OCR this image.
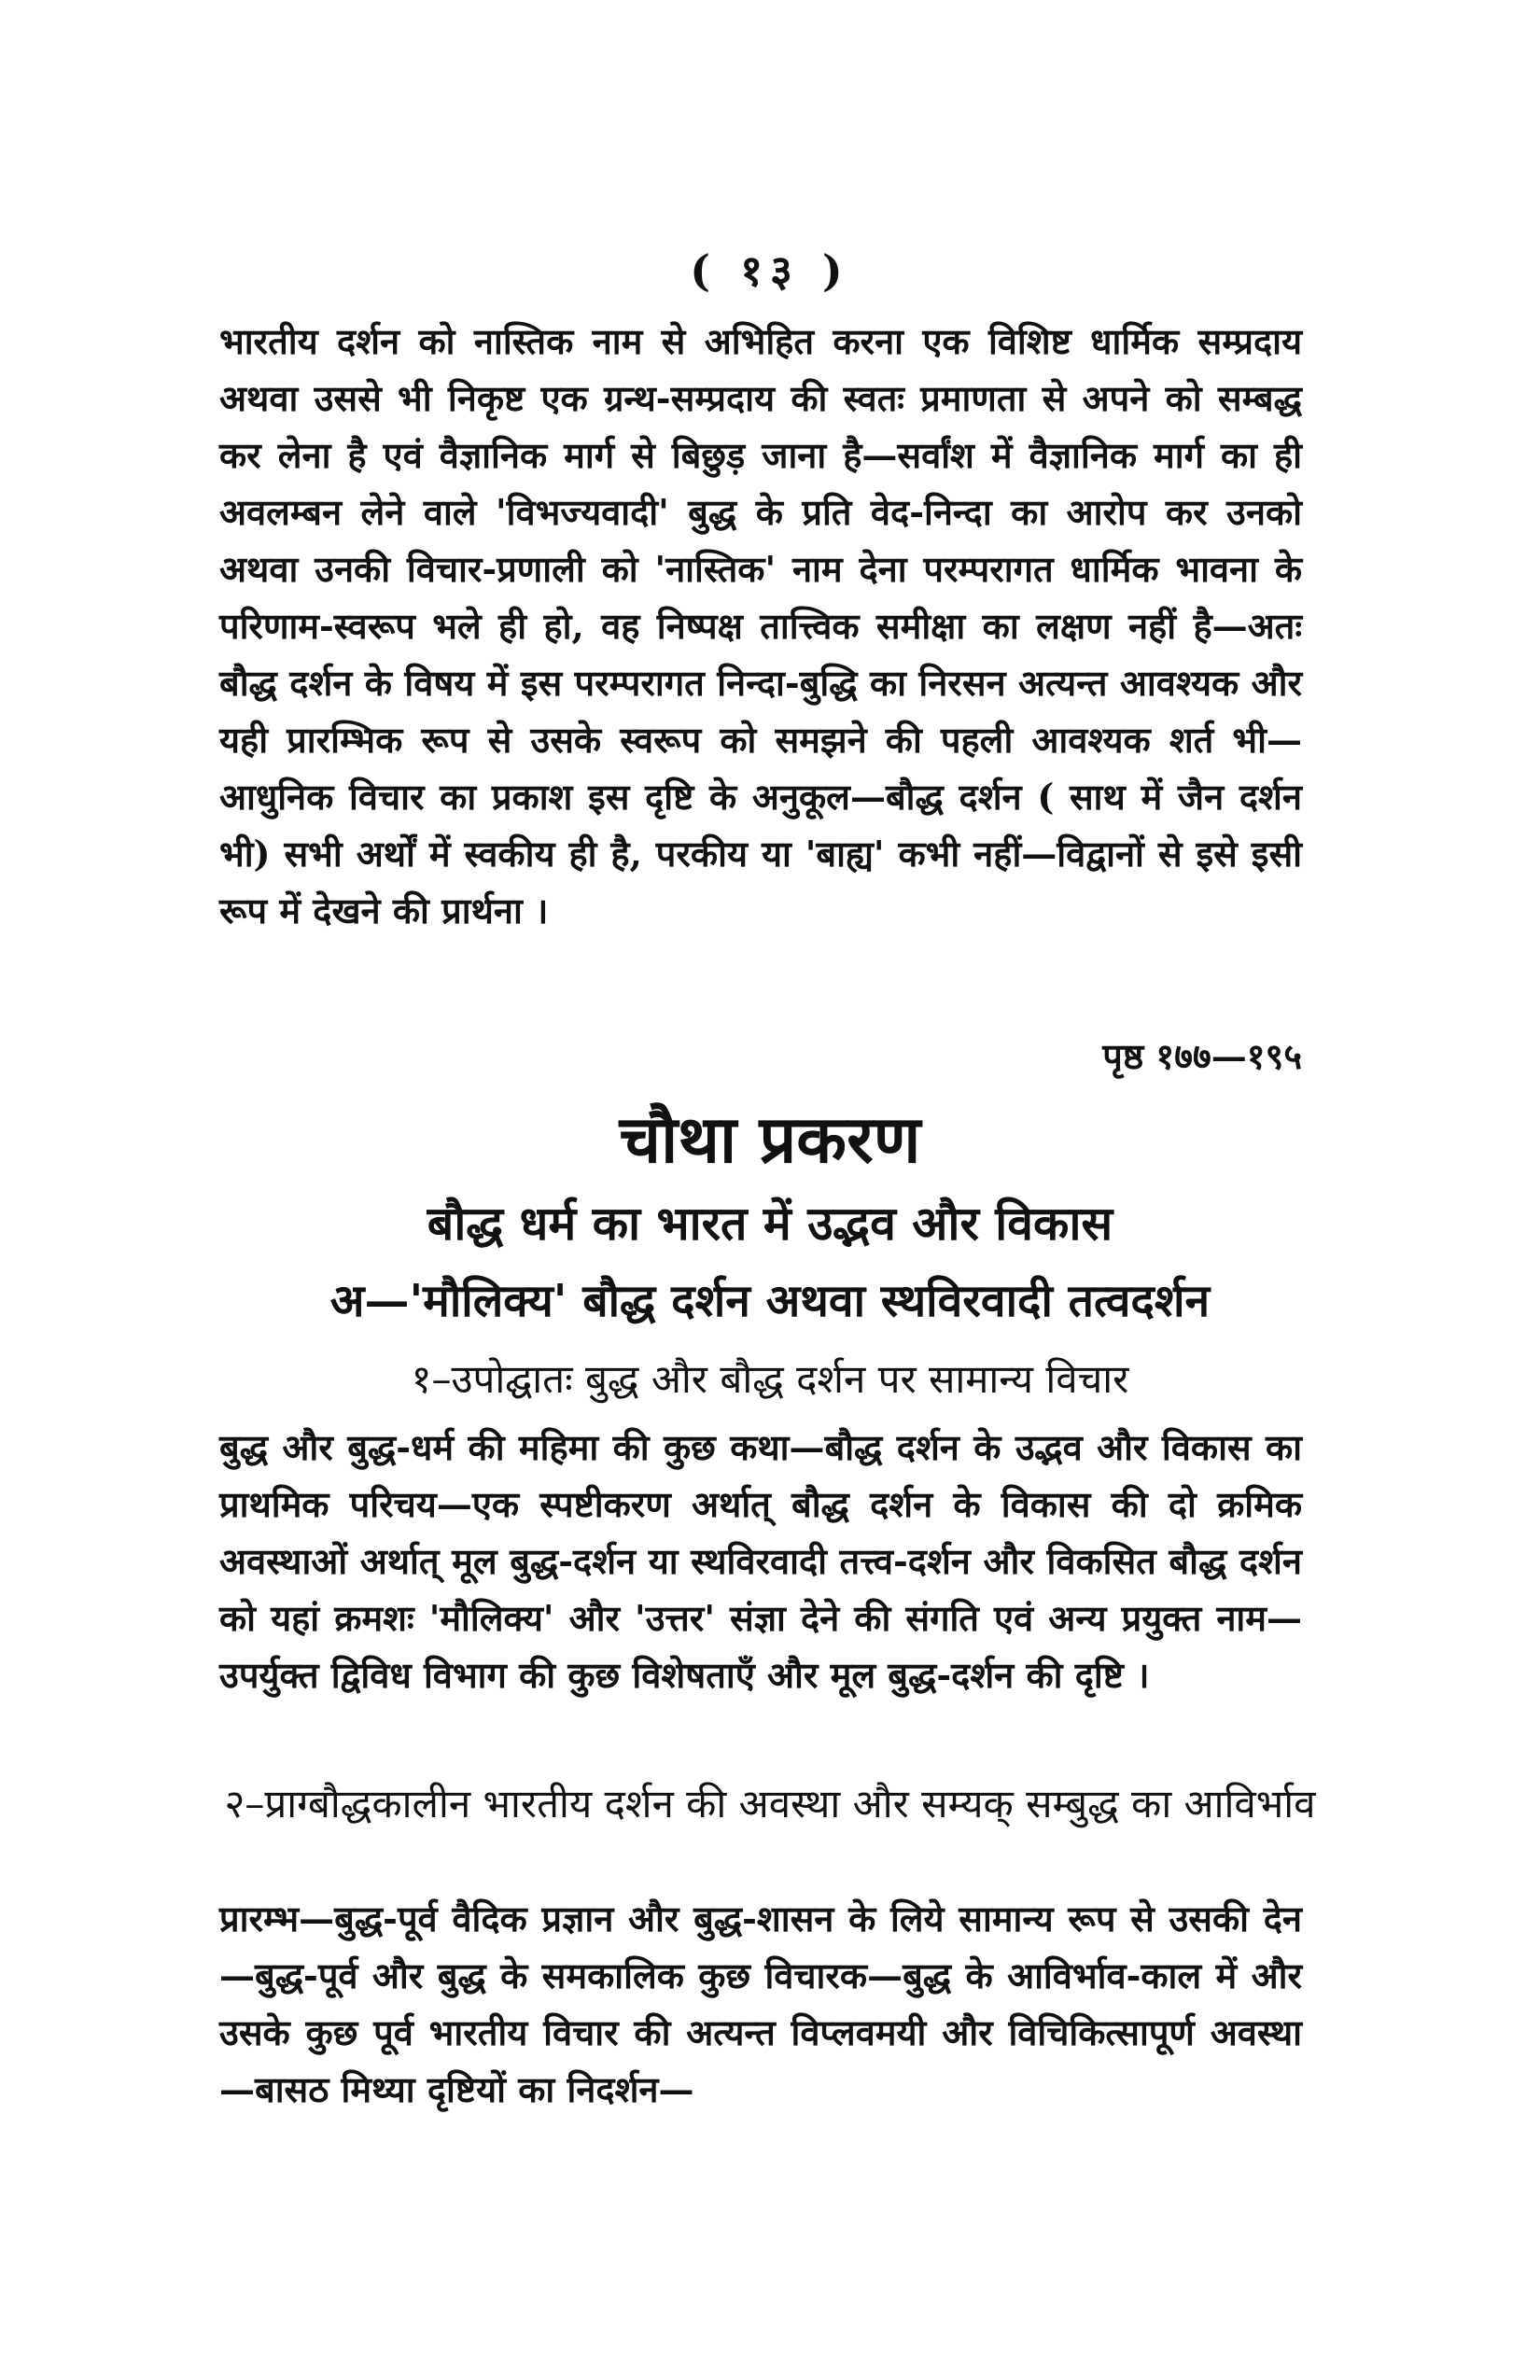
( १३ )

भारतीय दर्शन को नास्तिक नाम से अभिहित करना एक विशिष्ट धार्मिक सम्प्रदाय अथवा उससे भी निकृष्ट एक ग्रन्थ-सम्प्रदाय की स्वतः प्रमाणता से अपने को सम्बद्ध कर लेना है एवं वैज्ञानिक मार्ग से बिछुड़ जाना है—सर्वांश में वैज्ञानिक मार्ग का ही अवलम्बन लेने वाले 'विभज्यवादी' बुद्ध के प्रति वेद-निन्दा का आरोप कर उनको अथवा उनकी विचार-प्रणाली को 'नास्तिक' नाम देना परम्परागत धार्मिक भावना के परिणाम-स्वरूप भले ही हो, वह निष्पक्ष तात्त्विक समीक्षा का लक्षण नहीं है—अतः बौद्ध दर्शन के विषय में इस परम्परागत निन्दा-बुद्धि का निरसन अत्यन्त आवश्यक और यही प्रारम्भिक रूप से उसके स्वरूप को समझने की पहली आवश्यक शर्त भी—आधुनिक विचार का प्रकाश इस दृष्टि के अनुकूल—बौद्ध दर्शन ( साथ में जैन दर्शन भी) सभी अर्थों में स्वकीय ही है, परकीय या 'बाह्य' कभी नहीं—विद्वानों से इसे इसी रूप में देखने की प्रार्थना ।

पृष्ठ १७७—१९५
चौथा प्रकरण
बौद्ध धर्म का भारत में उद्भव और विकास
अ—'मौलिक्य' बौद्ध दर्शन अथवा स्थविरवादी तत्वदर्शन
१–उपोद्घातः बुद्ध और बौद्ध दर्शन पर सामान्य विचार

बुद्ध और बुद्ध-धर्म की महिमा की कुछ कथा—बौद्ध दर्शन के उद्भव और विकास का प्राथमिक परिचय—एक स्पष्टीकरण अर्थात् बौद्ध दर्शन के विकास की दो क्रमिक अवस्थाओं अर्थात् मूल बुद्ध-दर्शन या स्थविरवादी तत्त्व-दर्शन और विकसित बौद्ध दर्शन को यहां क्रमशः 'मौलिक्य' और 'उत्तर' संज्ञा देने की संगति एवं अन्य प्रयुक्त नाम—उपर्युक्त द्विविध विभाग की कुछ विशेषताएँ और मूल बुद्ध-दर्शन की दृष्टि ।

२–प्राग्बौद्धकालीन भारतीय दर्शन की अवस्था और सम्यक् सम्बुद्ध का आविर्भाव

प्रारम्भ—बुद्ध-पूर्व वैदिक प्रज्ञान और बुद्ध-शासन के लिये सामान्य रूप से उसकी देन—बुद्ध-पूर्व और बुद्ध के समकालिक कुछ विचारक—बुद्ध के आविर्भाव-काल में और उसके कुछ पूर्व भारतीय विचार की अत्यन्त विप्लवमयी और विचिकित्सापूर्ण अवस्था—बासठ मिथ्या दृष्टियों का निदर्शन—
